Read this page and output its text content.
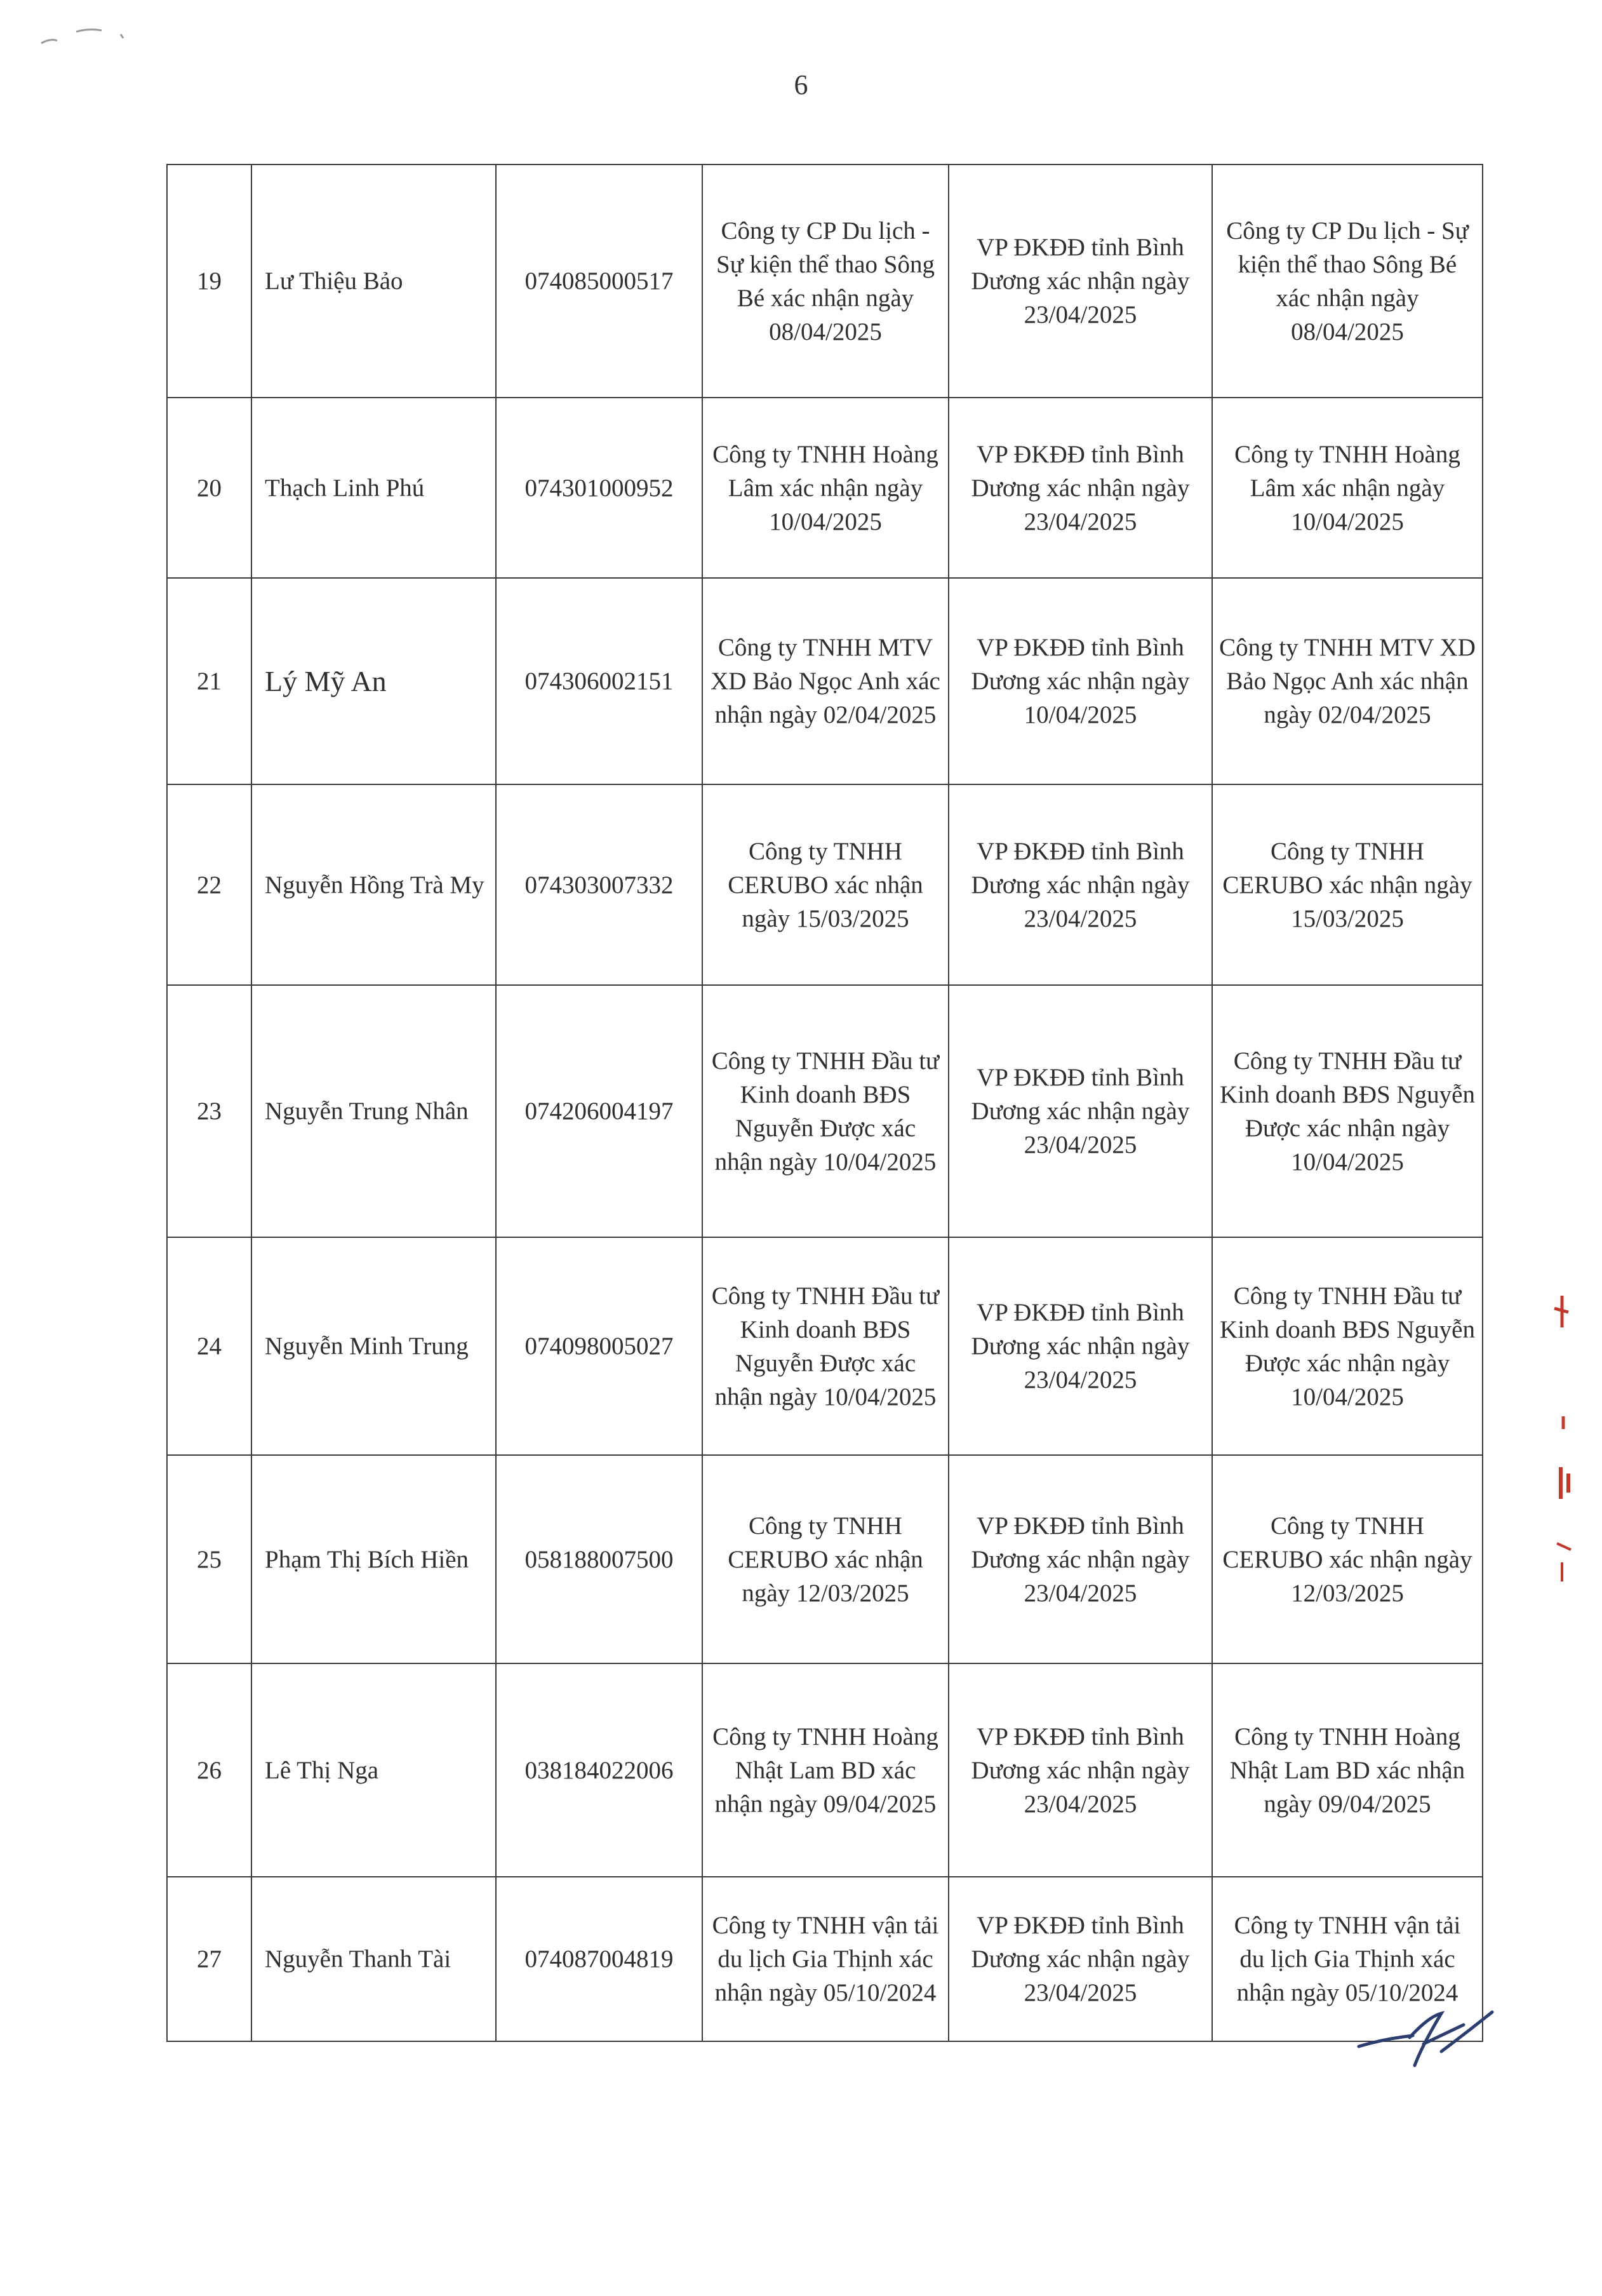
6
19	Lư Thiệu Bảo	074085000517	Công ty CP Du lịch - Sự kiện thể thao Sông Bé xác nhận ngày 08/04/2025	VP ĐKĐĐ tỉnh Bình Dương xác nhận ngày 23/04/2025	Công ty CP Du lịch - Sự kiện thể thao Sông Bé xác nhận ngày 08/04/2025
20	Thạch Linh Phú	074301000952	Công ty TNHH Hoàng Lâm xác nhận ngày 10/04/2025	VP ĐKĐĐ tỉnh Bình Dương xác nhận ngày 23/04/2025	Công ty TNHH Hoàng Lâm xác nhận ngày 10/04/2025
21	Lý Mỹ An	074306002151	Công ty TNHH MTV XD Bảo Ngọc Anh xác nhận ngày 02/04/2025	VP ĐKĐĐ tỉnh Bình Dương xác nhận ngày 10/04/2025	Công ty TNHH MTV XD Bảo Ngọc Anh xác nhận ngày 02/04/2025
22	Nguyễn Hồng Trà My	074303007332	Công ty TNHH CERUBO xác nhận ngày 15/03/2025	VP ĐKĐĐ tỉnh Bình Dương xác nhận ngày 23/04/2025	Công ty TNHH CERUBO xác nhận ngày 15/03/2025
23	Nguyễn Trung Nhân	074206004197	Công ty TNHH Đầu tư Kinh doanh BĐS Nguyễn Được xác nhận ngày 10/04/2025	VP ĐKĐĐ tỉnh Bình Dương xác nhận ngày 23/04/2025	Công ty TNHH Đầu tư Kinh doanh BĐS Nguyễn Được xác nhận ngày 10/04/2025
24	Nguyễn Minh Trung	074098005027	Công ty TNHH Đầu tư Kinh doanh BĐS Nguyễn Được xác nhận ngày 10/04/2025	VP ĐKĐĐ tỉnh Bình Dương xác nhận ngày 23/04/2025	Công ty TNHH Đầu tư Kinh doanh BĐS Nguyễn Được xác nhận ngày 10/04/2025
25	Phạm Thị Bích Hiền	058188007500	Công ty TNHH CERUBO xác nhận ngày 12/03/2025	VP ĐKĐĐ tỉnh Bình Dương xác nhận ngày 23/04/2025	Công ty TNHH CERUBO xác nhận ngày 12/03/2025
26	Lê Thị Nga	038184022006	Công ty TNHH Hoàng Nhật Lam BD xác nhận ngày 09/04/2025	VP ĐKĐĐ tỉnh Bình Dương xác nhận ngày 23/04/2025	Công ty TNHH Hoàng Nhật Lam BD xác nhận ngày 09/04/2025
27	Nguyễn Thanh Tài	074087004819	Công ty TNHH vận tải du lịch Gia Thịnh xác nhận ngày 05/10/2024	VP ĐKĐĐ tỉnh Bình Dương xác nhận ngày 23/04/2025	Công ty TNHH vận tải du lịch Gia Thịnh xác nhận ngày 05/10/2024
